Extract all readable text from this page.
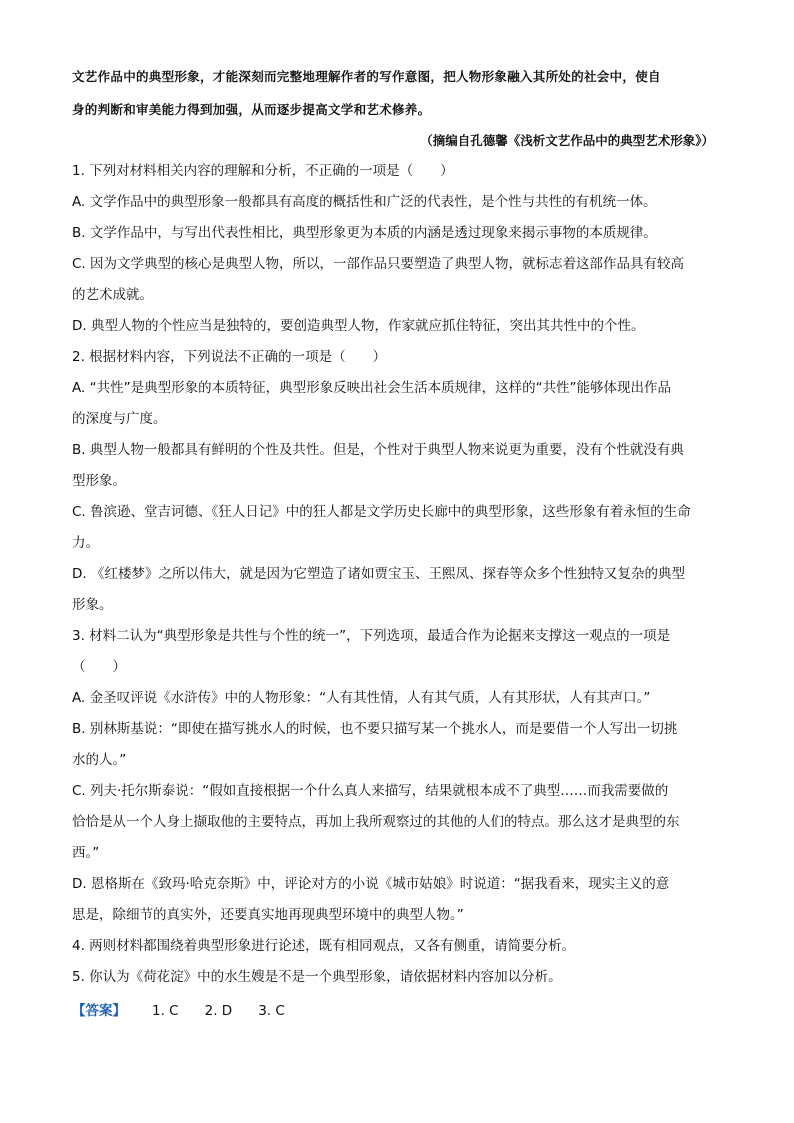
文艺作品中的典型形象，才能深刻而完整地理解作者的写作意图，把人物形象融入其所处的社会中，使自

身的判断和审美能力得到加强，从而逐步提高文学和艺术修养。

（摘编自孔德馨《浅析文艺作品中的典型艺术形象》）

1. 下列对材料相关内容的理解和分析，不正确的一项是（　　）

A. 文学作品中的典型形象一般都具有高度的概括性和广泛的代表性，是个性与共性的有机统一体。

B. 文学作品中，与写出代表性相比，典型形象更为本质的内涵是透过现象来揭示事物的本质规律。

C. 因为文学典型的核心是典型人物，所以，一部作品只要塑造了典型人物，就标志着这部作品具有较高

的艺术成就。

D. 典型人物的个性应当是独特的，要创造典型人物，作家就应抓住特征，突出其共性中的个性。

2. 根据材料内容，下列说法不正确的一项是（　　）

A. “共性”是典型形象的本质特征，典型形象反映出社会生活本质规律，这样的“共性”能够体现出作品

的深度与广度。

B. 典型人物一般都具有鲜明的个性及共性。但是，个性对于典型人物来说更为重要，没有个性就没有典

型形象。

C. 鲁滨逊、堂吉诃德、《狂人日记》中的狂人都是文学历史长廊中的典型形象，这些形象有着永恒的生命

力。

D. 《红楼梦》之所以伟大，就是因为它塑造了诸如贾宝玉、王熙凤、探春等众多个性独特又复杂的典型

形象。

3. 材料二认为“典型形象是共性与个性的统一”，下列选项，最适合作为论据来支撑这一观点的一项是

（　　）

A. 金圣叹评说《水浒传》中的人物形象：“人有其性情，人有其气质，人有其形状，人有其声口。”

B. 别林斯基说：“即使在描写挑水人的时候，也不要只描写某一个挑水人，而是要借一个人写出一切挑

水的人。”

C. 列夫·托尔斯泰说：“假如直接根据一个什么真人来描写，结果就根本成不了典型……而我需要做的

恰恰是从一个人身上撷取他的主要特点，再加上我所观察过的其他的人们的特点。那么这才是典型的东

西。”

D. 恩格斯在《致玛·哈克奈斯》中，评论对方的小说《城市姑娘》时说道：“据我看来，现实主义的意

思是，除细节的真实外，还要真实地再现典型环境中的典型人物。”

4. 两则材料都围绕着典型形象进行论述，既有相同观点，又各有侧重，请简要分析。

5. 你认为《荷花淀》中的水生嫂是不是一个典型形象，请依据材料内容加以分析。

【答案】 1. C 2. D 3. C
